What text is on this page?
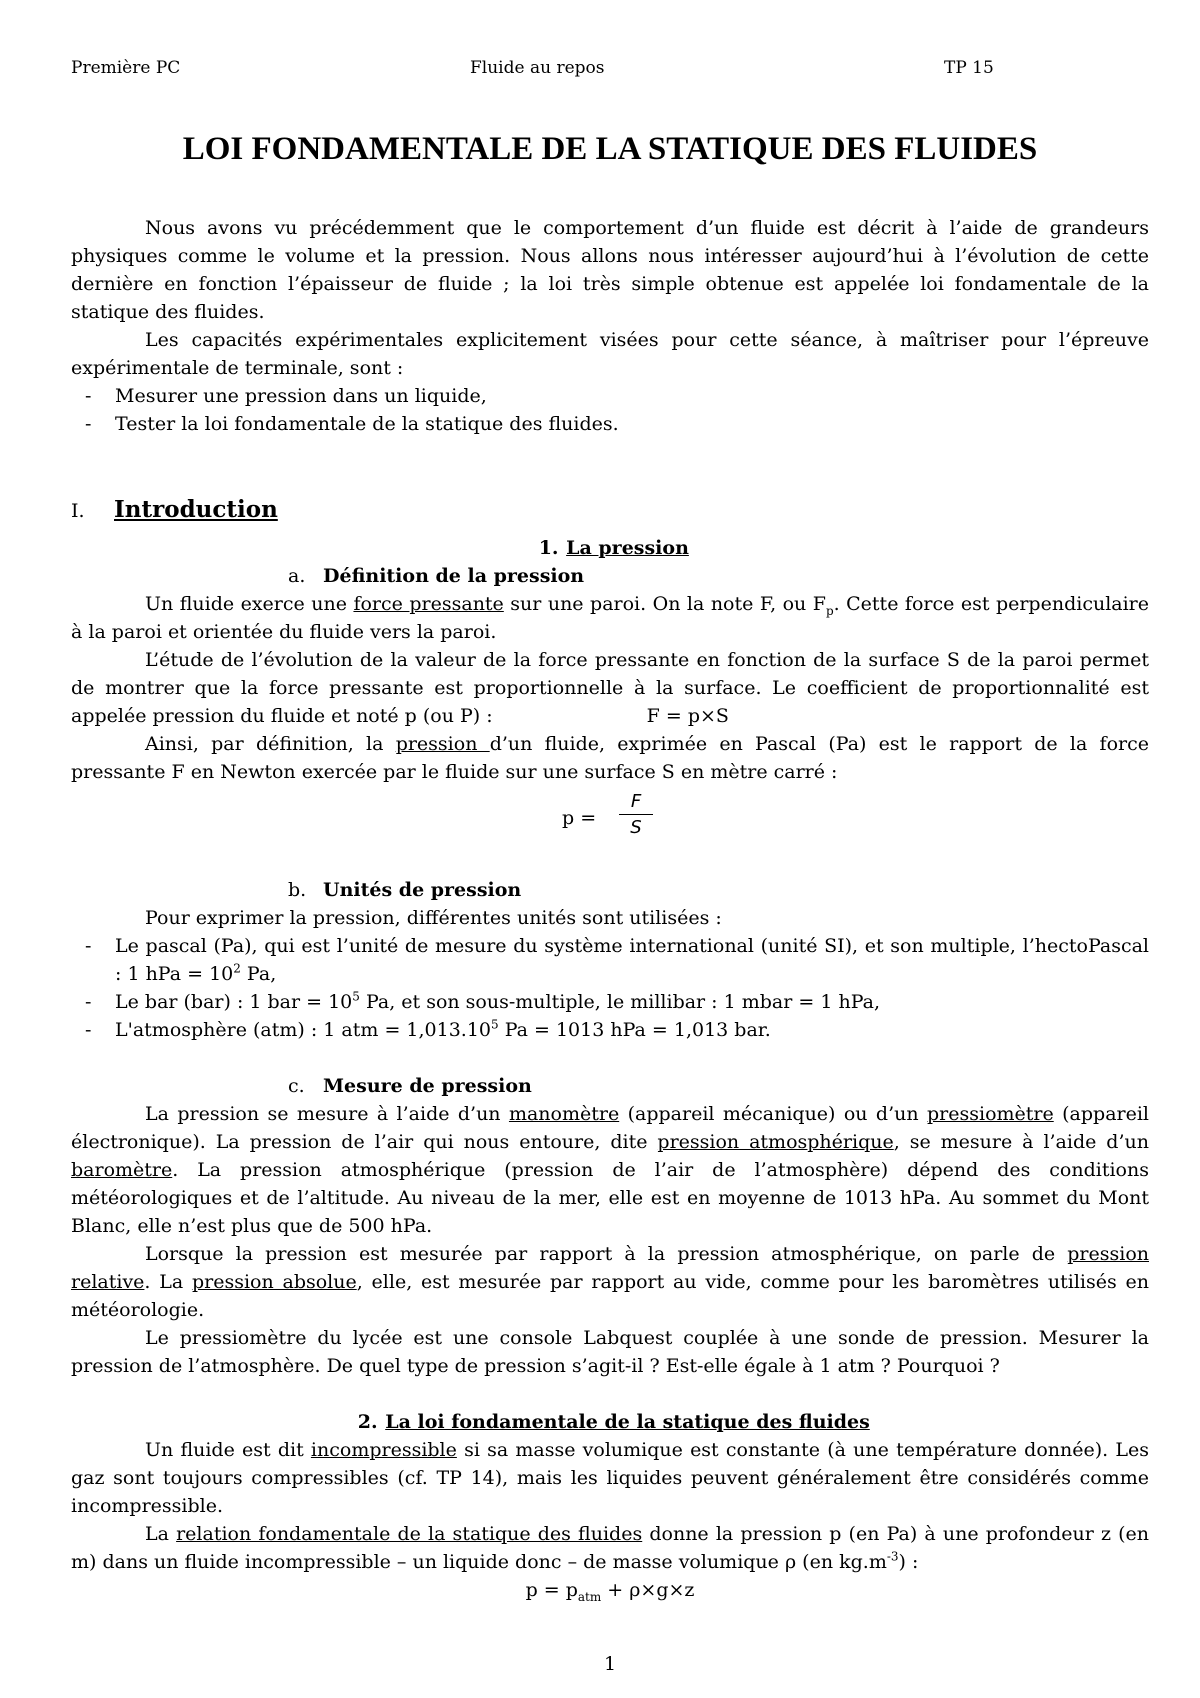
Première PC	Fluide au repos	TP 15
LOI FONDAMENTALE DE LA STATIQUE DES FLUIDES

Nous avons vu précédemment que le comportement d’un fluide est décrit à l’aide de grandeurs physiques comme le volume et la pression. Nous allons nous intéresser aujourd’hui à l’évolution de cette dernière en fonction l’épaisseur de fluide ; la loi très simple obtenue est appelée loi fondamentale de la statique des fluides.

Les capacités expérimentales explicitement visées pour cette séance, à maîtriser pour l’épreuve expérimentale de terminale, sont :

- Mesurer une pression dans un liquide,

- Tester la loi fondamentale de la statique des fluides.

I. Introduction

1. La pression

a. Définition de la pression

Un fluide exerce une force pressante sur une paroi. On la note F, ou $F_p$. Cette force est perpendiculaire à la paroi et orientée du fluide vers la paroi.

L’étude de l’évolution de la valeur de la force pressante en fonction de la surface S de la paroi permet de montrer que la force pressante est proportionnelle à la surface. Le coefficient de proportionnalité est appelée pression du fluide et noté p (ou P) :	F = p×S

Ainsi, par définition, la pression d’un fluide, exprimée en Pascal (Pa) est le rapport de la force pressante F en Newton exercée par le fluide sur une surface S en mètre carré :

$p = \frac{F}{S}$

b. Unités de pression

Pour exprimer la pression, différentes unités sont utilisées :

- Le pascal (Pa), qui est l’unité de mesure du système international (unité SI), et son multiple, l’hectoPascal : 1 hPa = $10^2$ Pa,

- Le bar (bar) : 1 bar = $10^5$ Pa, et son sous-multiple, le millibar : 1 mbar = 1 hPa,

- L'atmosphère (atm) : 1 atm = $1,013.10^5$ Pa = 1013 hPa = 1,013 bar.

c. Mesure de pression

La pression se mesure à l’aide d’un manomètre (appareil mécanique) ou d’un pressiomètre (appareil électronique). La pression de l’air qui nous entoure, dite pression atmosphérique, se mesure à l’aide d’un baromètre. La pression atmosphérique (pression de l’air de l’atmosphère) dépend des conditions météorologiques et de l’altitude. Au niveau de la mer, elle est en moyenne de 1013 hPa. Au sommet du Mont Blanc, elle n’est plus que de 500 hPa.

Lorsque la pression est mesurée par rapport à la pression atmosphérique, on parle de pression relative. La pression absolue, elle, est mesurée par rapport au vide, comme pour les baromètres utilisés en météorologie.

Le pressiomètre du lycée est une console Labquest couplée à une sonde de pression. Mesurer la pression de l’atmosphère. De quel type de pression s’agit-il ? Est-elle égale à 1 atm ? Pourquoi ?

2. La loi fondamentale de la statique des fluides

Un fluide est dit incompressible si sa masse volumique est constante (à une température donnée). Les gaz sont toujours compressibles (cf. TP 14), mais les liquides peuvent généralement être considérés comme incompressible.

La relation fondamentale de la statique des fluides donne la pression p (en Pa) à une profondeur z (en m) dans un fluide incompressible – un liquide donc – de masse volumique ρ (en $kg.m^{-3}$) :

$p = p_{atm} + \rho\times g\times z$

1
